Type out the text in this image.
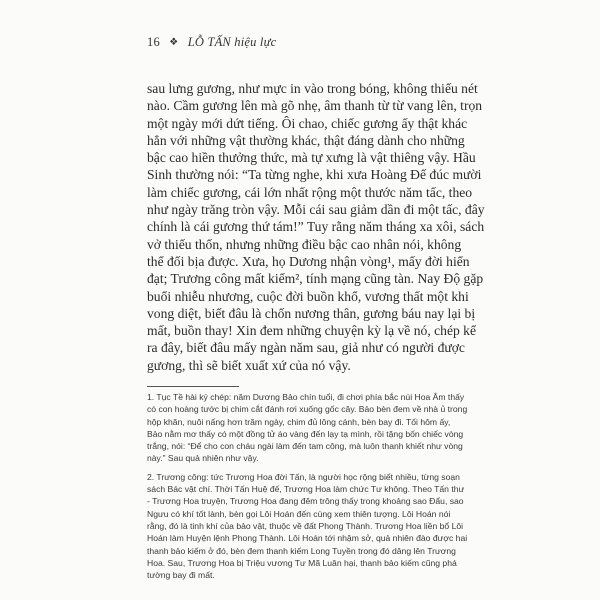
16 ❖ LỖ TẤN hiệu lực
sau lưng gương, như mực in vào trong bóng, không thiếu nét
nào. Cầm gương lên mà gõ nhẹ, âm thanh từ từ vang lên, trọn
một ngày mới dứt tiếng. Ôi chao, chiếc gương ấy thật khác
hẳn với những vật thường khác, thật đáng dành cho những
bậc cao hiền thưởng thức, mà tự xưng là vật thiêng vậy. Hầu
Sinh thường nói: “Ta từng nghe, khi xưa Hoàng Đế đúc mười
làm chiếc gương, cái lớn nhất rộng một thước năm tấc, theo
như ngày trăng tròn vậy. Mỗi cái sau giảm dần đi một tấc, đây
chính là cái gương thứ tám!” Tuy rằng năm tháng xa xôi, sách
vở thiếu thốn, nhưng những điều bậc cao nhân nói, không
thể đối bịa được. Xưa, họ Dương nhận vòng¹, mấy đời hiển
đạt; Trương công mất kiếm², tính mạng cũng tàn. Nay Độ gặp
buổi nhiễu nhương, cuộc đời buồn khổ, vương thất một khi
vong diệt, biết đâu là chốn nương thân, gương báu nay lại bị
mất, buồn thay! Xin đem những chuyện kỳ lạ về nó, chép kể
ra đây, biết đâu mấy ngàn năm sau, giả như có người được
gương, thì sẽ biết xuất xứ của nó vậy.
1. Tục Tề hài ký chép: năm Dương Bảo chín tuổi, đi chơi phía bắc núi Hoa Âm thấy
có con hoàng tước bị chim cắt đánh rơi xuống gốc cây. Bảo bèn đem về nhà ủ trong
hộp khăn, nuôi nấng hơn trăm ngày, chim đủ lông cánh, bèn bay đi. Tối hôm ấy,
Bảo nằm mơ thấy có một đồng tử áo vàng đến lạy tạ mình, rồi tặng bốn chiếc vòng
trắng, nói: “Để cho con cháu ngài làm đến tam công, mà luôn thanh khiết như vòng
này.” Sau quả nhiên như vậy.
2. Trương công: tức Trương Hoa đời Tấn, là người học rộng biết nhiều, từng soạn
sách Bác vật chí. Thời Tấn Huệ đế, Trương Hoa làm chức Tư không. Theo Tấn thư
- Trương Hoa truyện, Trương Hoa đang đêm trông thấy trong khoảng sao Đẩu, sao
Ngưu có khí tốt lành, bèn gọi Lôi Hoán đến cùng xem thiên tượng. Lôi Hoán nói
rằng, đó là tinh khí của bảo vật, thuộc về đất Phong Thành. Trương Hoa liền bổ Lôi
Hoán làm Huyện lệnh Phong Thành. Lôi Hoán tới nhậm sở, quả nhiên đào được hai
thanh bảo kiếm ở đó, bèn đem thanh kiếm Long Tuyền trong đó dâng lên Trương
Hoa. Sau, Trương Hoa bị Triệu vương Tư Mã Luân hại, thanh bảo kiếm cũng phá
tường bay đi mất.
